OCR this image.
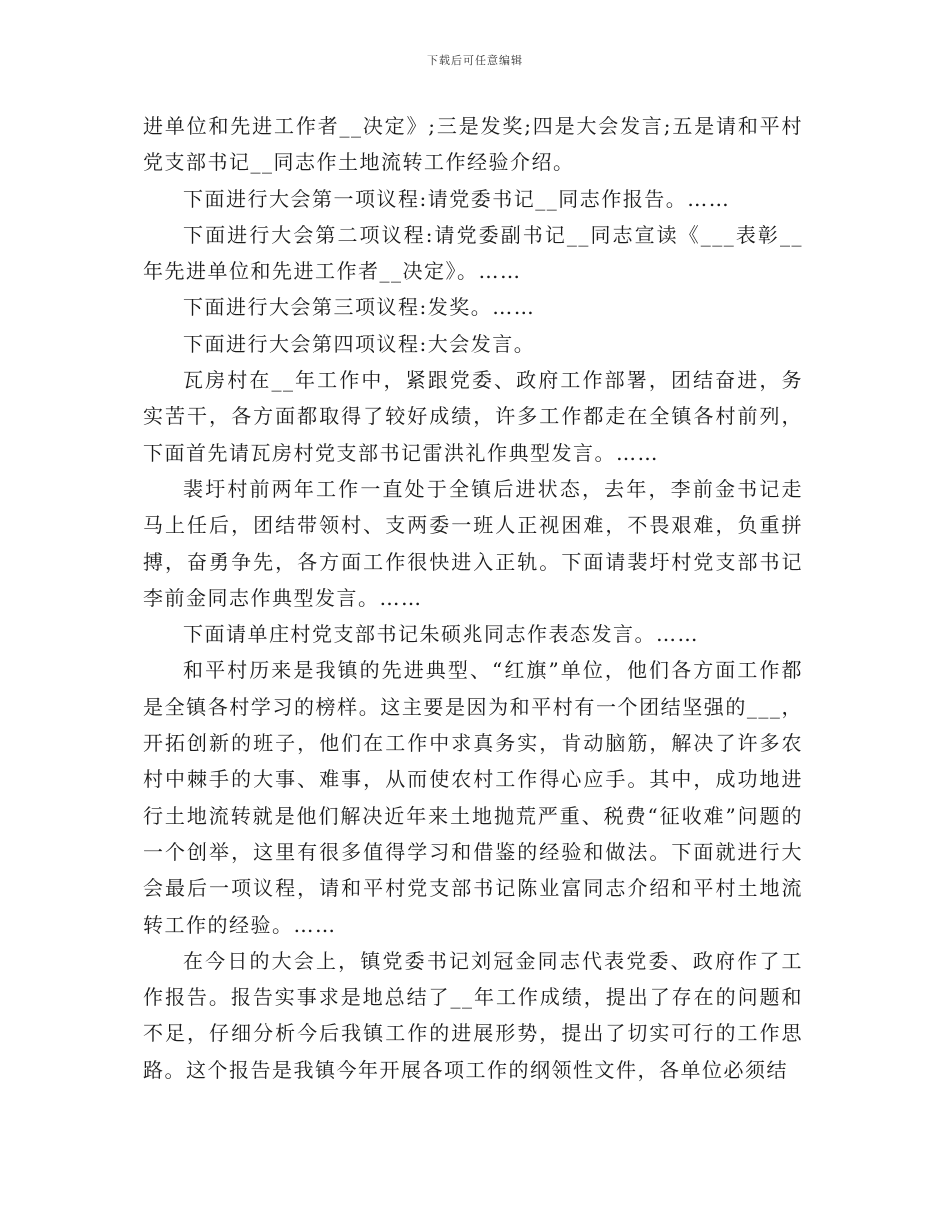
下载后可任意编辑

进单位和先进工作者__决定》;三是发奖;四是大会发言;五是请和平村党支部书记__同志作土地流转工作经验介绍。

下面进行大会第一项议程:请党委书记__同志作报告。……

下面进行大会第二项议程:请党委副书记__同志宣读《___表彰__年先进单位和先进工作者__决定》。……

下面进行大会第三项议程:发奖。……

下面进行大会第四项议程:大会发言。

瓦房村在__年工作中，紧跟党委、政府工作部署，团结奋进，务实苦干，各方面都取得了较好成绩，许多工作都走在全镇各村前列，下面首先请瓦房村党支部书记雷洪礼作典型发言。……

裴圩村前两年工作一直处于全镇后进状态，去年，李前金书记走马上任后，团结带领村、支两委一班人正视困难，不畏艰难，负重拼搏，奋勇争先，各方面工作很快进入正轨。下面请裴圩村党支部书记李前金同志作典型发言。……

下面请单庄村党支部书记朱硕兆同志作表态发言。……

和平村历来是我镇的先进典型、“红旗”单位，他们各方面工作都是全镇各村学习的榜样。这主要是因为和平村有一个团结坚强的___，开拓创新的班子，他们在工作中求真务实，肯动脑筋，解决了许多农村中棘手的大事、难事，从而使农村工作得心应手。其中，成功地进行土地流转就是他们解决近年来土地抛荒严重、税费“征收难”问题的一个创举，这里有很多值得学习和借鉴的经验和做法。下面就进行大会最后一项议程，请和平村党支部书记陈业富同志介绍和平村土地流转工作的经验。……

在今日的大会上，镇党委书记刘冠金同志代表党委、政府作了工作报告。报告实事求是地总结了__年工作成绩，提出了存在的问题和不足，仔细分析今后我镇工作的进展形势，提出了切实可行的工作思路。这个报告是我镇今年开展各项工作的纲领性文件，各单位必须结
